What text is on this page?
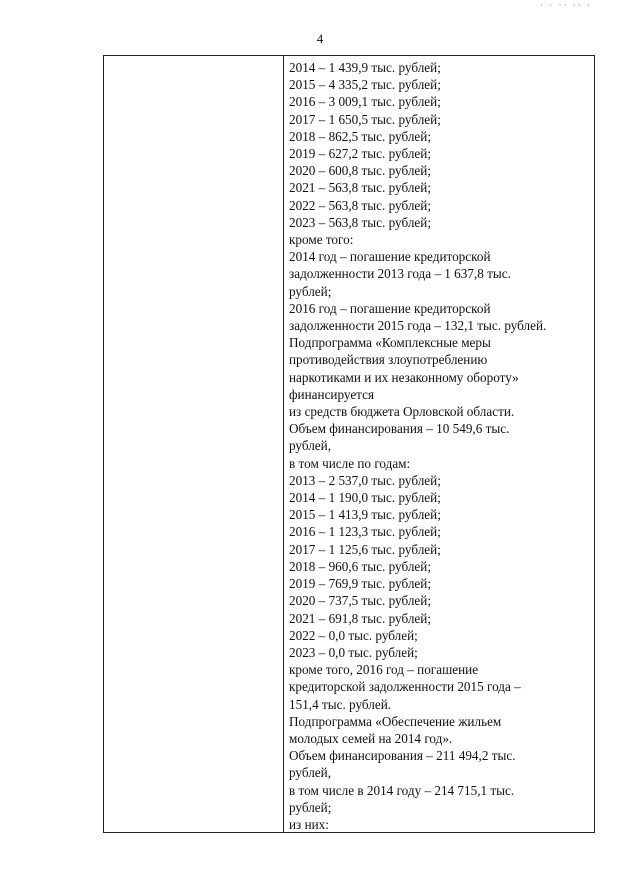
· · ·· ·· ·
4
2014 – 1 439,9 тыс. рублей;
2015 – 4 335,2 тыс. рублей;
2016 – 3 009,1 тыс. рублей;
2017 – 1 650,5 тыс. рублей;
2018 – 862,5 тыс. рублей;
2019 – 627,2 тыс. рублей;
2020 – 600,8 тыс. рублей;
2021 – 563,8 тыс. рублей;
2022 – 563,8 тыс. рублей;
2023 – 563,8 тыс. рублей;
кроме того:
2014 год – погашение кредиторской
задолженности 2013 года – 1 637,8 тыс.
рублей;
2016 год – погашение кредиторской
задолженности 2015 года – 132,1 тыс. рублей.
Подпрограмма «Комплексные меры
противодействия злоупотреблению
наркотиками и их незаконному обороту»
финансируется
из средств бюджета Орловской области.
Объем финансирования – 10 549,6 тыс.
рублей,
в том числе по годам:
2013 – 2 537,0 тыс. рублей;
2014 – 1 190,0 тыс. рублей;
2015 – 1 413,9 тыс. рублей;
2016 – 1 123,3 тыс. рублей;
2017 – 1 125,6 тыс. рублей;
2018 – 960,6 тыс. рублей;
2019 – 769,9 тыс. рублей;
2020 – 737,5 тыс. рублей;
2021 – 691,8 тыс. рублей;
2022 – 0,0 тыс. рублей;
2023 – 0,0 тыс. рублей;
кроме того, 2016 год – погашение
кредиторской задолженности 2015 года –
151,4 тыс. рублей.
Подпрограмма «Обеспечение жильем
молодых семей на 2014 год».
Объем финансирования – 211 494,2 тыс.
рублей,
в том числе в 2014 году – 214 715,1 тыс.
рублей;
из них:
